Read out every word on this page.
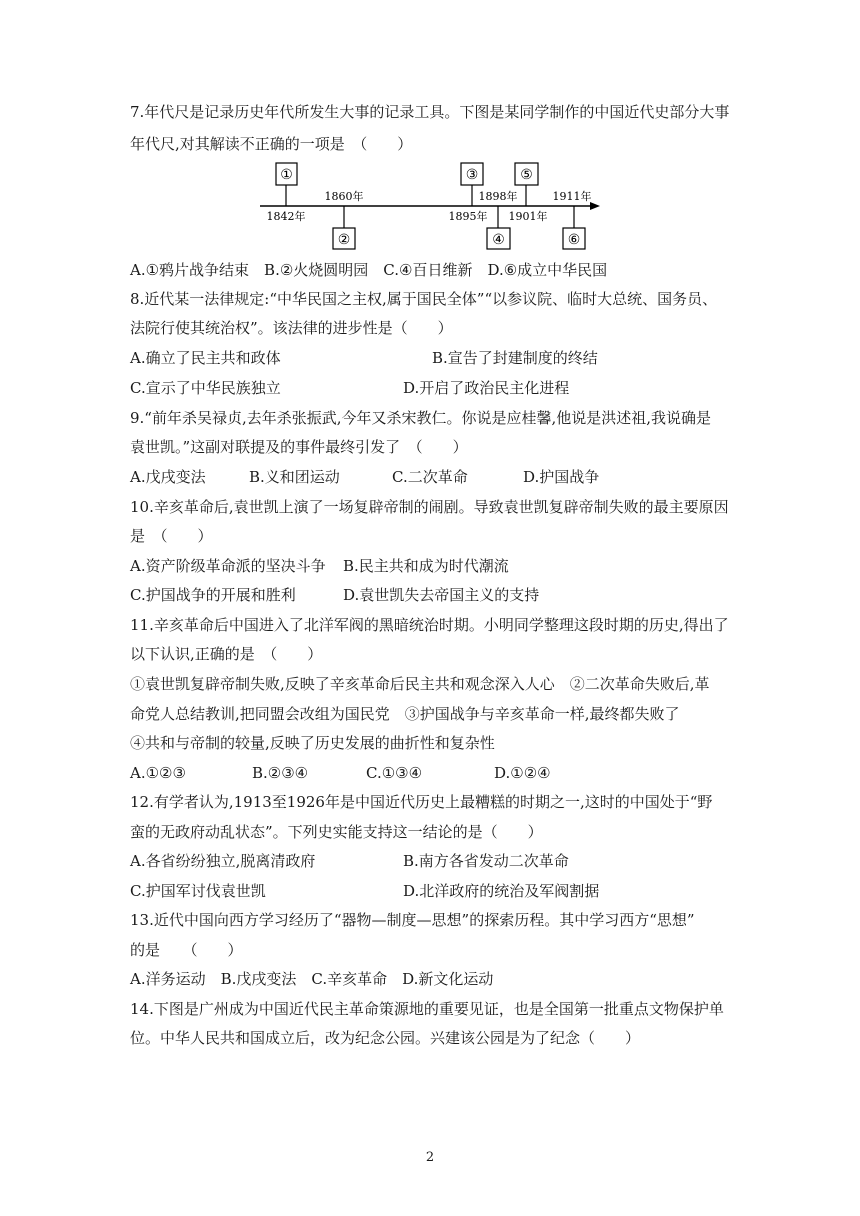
7.年代尺是记录历史年代所发生大事的记录工具。下图是某同学制作的中国近代史部分大事
年代尺,对其解读不正确的一项是　（　　）
①	③	⑤
②	④	⑥
1842年
1860年
1895年
1898年
1901年
1911年
A.①鸦片战争结束　B.②火烧圆明园　C.④百日维新　D.⑥成立中华民国
8.近代某一法律规定:“中华民国之主权,属于国民全体”“以参议院、临时大总统、国务员、
法院行使其统治权”。该法律的进步性是（　　）
A.确立了民主共和政体	B.宣告了封建制度的终结
C.宣示了中华民族独立	D.开启了政治民主化进程
9.“前年杀吴禄贞,去年杀张振武,今年又杀宋教仁。你说是应桂馨,他说是洪述祖,我说确是
袁世凯。”这副对联提及的事件最终引发了　（　　）
A.戊戌变法	B.义和团运动	C.二次革命	D.护国战争
10.辛亥革命后,袁世凯上演了一场复辟帝制的闹剧。导致袁世凯复辟帝制失败的最主要原因
是　（　　）
A.资产阶级革命派的坚决斗争 B.民主共和成为时代潮流
C.护国战争的开展和胜利	D.袁世凯失去帝国主义的支持
11.辛亥革命后中国进入了北洋军阀的黑暗统治时期。小明同学整理这段时期的历史,得出了
以下认识,正确的是　（　　）
①袁世凯复辟帝制失败,反映了辛亥革命后民主共和观念深入人心　②二次革命失败后,革
命党人总结教训,把同盟会改组为国民党　③护国战争与辛亥革命一样,最终都失败了
④共和与帝制的较量,反映了历史发展的曲折性和复杂性
A.①②③	B.②③④	C.①③④	D.①②④
12.有学者认为,1913至1926年是中国近代历史上最糟糕的时期之一,这时的中国处于“野
蛮的无政府动乱状态”。下列史实能支持这一结论的是（　　）
A.各省纷纷独立,脱离清政府	B.南方各省发动二次革命
C.护国军讨伐袁世凯	D.北洋政府的统治及军阀割据
13.近代中国向西方学习经历了“器物—制度—思想”的探索历程。其中学习西方“思想”
的是　　（　　）
A.洋务运动　B.戊戌变法　C.辛亥革命　D.新文化运动
14.下图是广州成为中国近代民主革命策源地的重要见证，也是全国第一批重点文物保护单
位。中华人民共和国成立后，改为纪念公园。兴建该公园是为了纪念（　　）
2
